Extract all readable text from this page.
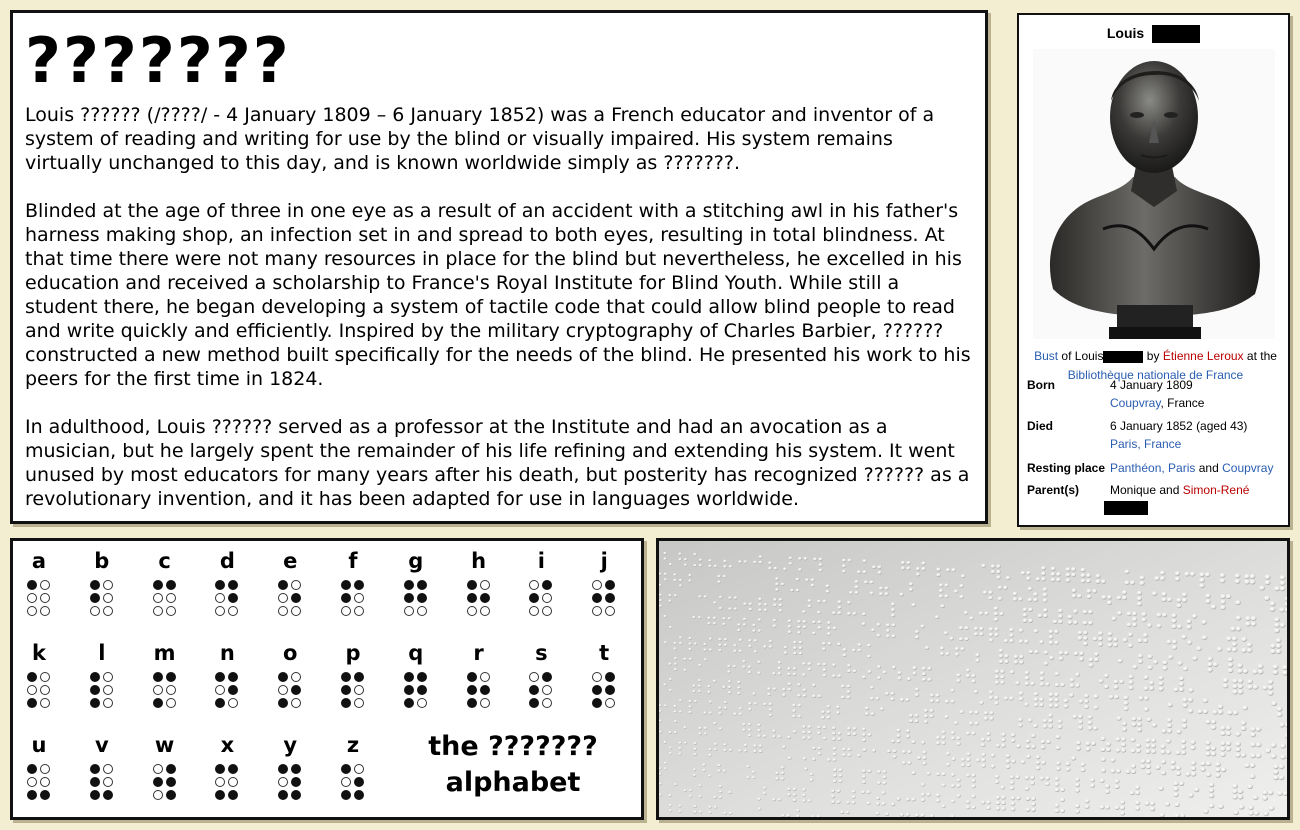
???????

Louis ?????? (/????/ - 4 January 1809 – 6 January 1852) was a French educator and inventor of a system of reading and writing for use by the blind or visually impaired. His system remains virtually unchanged to this day, and is known worldwide simply as ???????.

Blinded at the age of three in one eye as a result of an accident with a stitching awl in his father's harness making shop, an infection set in and spread to both eyes, resulting in total blindness. At that time there were not many resources in place for the blind but nevertheless, he excelled in his education and received a scholarship to France's Royal Institute for Blind Youth. While still a student there, he began developing a system of tactile code that could allow blind people to read and write quickly and efficiently. Inspired by the military cryptography of Charles Barbier, ?????? constructed a new method built specifically for the needs of the blind. He presented his work to his peers for the first time in 1824.

In adulthood, Louis ?????? served as a professor at the Institute and had an avocation as a musician, but he largely spent the remainder of his life refining and extending his system. It went unused by most educators for many years after his death, but posterity has recognized ?????? as a revolutionary invention, and it has been adapted for use in languages worldwide.

Louis
Bust of Louis	by Étienne Leroux at the
Bibliothèque nationale de France
Born	4 January 1809
Coupvray, France
Died	6 January 1852 (aged 43)
Paris, France
Resting place Panthéon, Paris and Coupvray
Parent(s)	Monique and Simon-René
a	b	c	d	e	f	g	h	i	j
k	l	m	n	o	p	q	r	s	t
u	v	w	x	y	z	the ???????
alphabet
